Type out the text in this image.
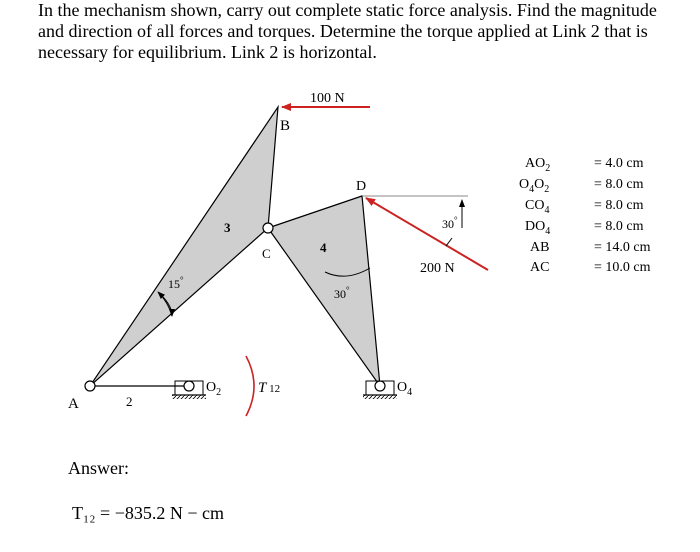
In the mechanism shown, carry out complete static force analysis. Find the magnitude and direction of all forces and torques. Determine the torque applied at Link 2 that is necessary for equilibrium. Link 2 is horizontal.

A
B
C
D
$O_2$	$O_4$
2
3
4
15°
30°
30°
100 N
200 N
T 12
$AO_2$	= 4.0 cm
$O_4O_2$	= 8.0 cm
$CO_4$	= 8.0 cm
$DO_4$	= 8.0 cm
AB	= 14.0 cm
AC	= 10.0 cm
Answer:
T₁₂ = −835.2 N − cm
